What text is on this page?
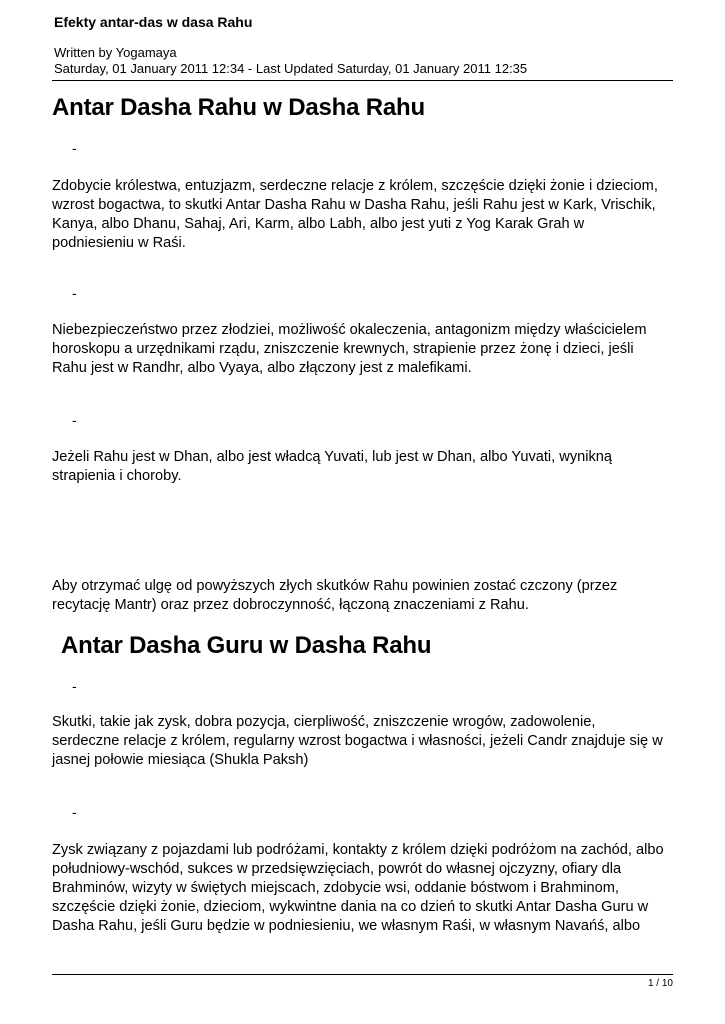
Efekty antar-das w dasa Rahu
Written by Yogamaya
Saturday, 01 January 2011 12:34 - Last Updated Saturday, 01 January 2011 12:35
Antar Dasha Rahu w Dasha Rahu
-
Zdobycie królestwa, entuzjazm, serdeczne relacje z królem, szczęście dzięki żonie i dzieciom,
wzrost bogactwa, to skutki Antar Dasha Rahu w Dasha Rahu, jeśli Rahu jest w Kark, Vrischik,
Kanya, albo Dhanu, Sahaj, Ari, Karm, albo Labh, albo jest yuti z Yog Karak Grah w
podniesieniu w Raśi.
-
Niebezpieczeństwo przez złodziei, możliwość okaleczenia, antagonizm między właścicielem
horoskopu a urzędnikami rządu, zniszczenie krewnych, strapienie przez żonę i dzieci, jeśli
Rahu jest w Randhr, albo Vyaya, albo złączony jest z malefikami.
-
Jeżeli Rahu jest w Dhan, albo jest władcą Yuvati, lub jest w Dhan, albo Yuvati, wynikną
strapienia i choroby.
Aby otrzymać ulgę od powyższych złych skutków Rahu powinien zostać czczony (przez
recytację Mantr) oraz przez dobroczynność, łączoną znaczeniami z Rahu.
Antar Dasha Guru w Dasha Rahu
-
Skutki, takie jak zysk, dobra pozycja, cierpliwość, zniszczenie wrogów, zadowolenie,
serdeczne relacje z królem, regularny wzrost bogactwa i własności, jeżeli Candr znajduje się w
jasnej połowie miesiąca (Shukla Paksh)
-
Zysk związany z pojazdami lub podróżami, kontakty z królem dzięki podróżom na zachód, albo
południowy-wschód, sukces w przedsięwzięciach, powrót do własnej ojczyzny, ofiary dla
Brahminów, wizyty w świętych miejscach, zdobycie wsi, oddanie bóstwom i Brahminom,
szczęście dzięki żonie, dzieciom, wykwintne dania na co dzień to skutki Antar Dasha Guru w
Dasha Rahu, jeśli Guru będzie w podniesieniu, we własnym Raśi, w własnym Navańś, albo
1 / 10
